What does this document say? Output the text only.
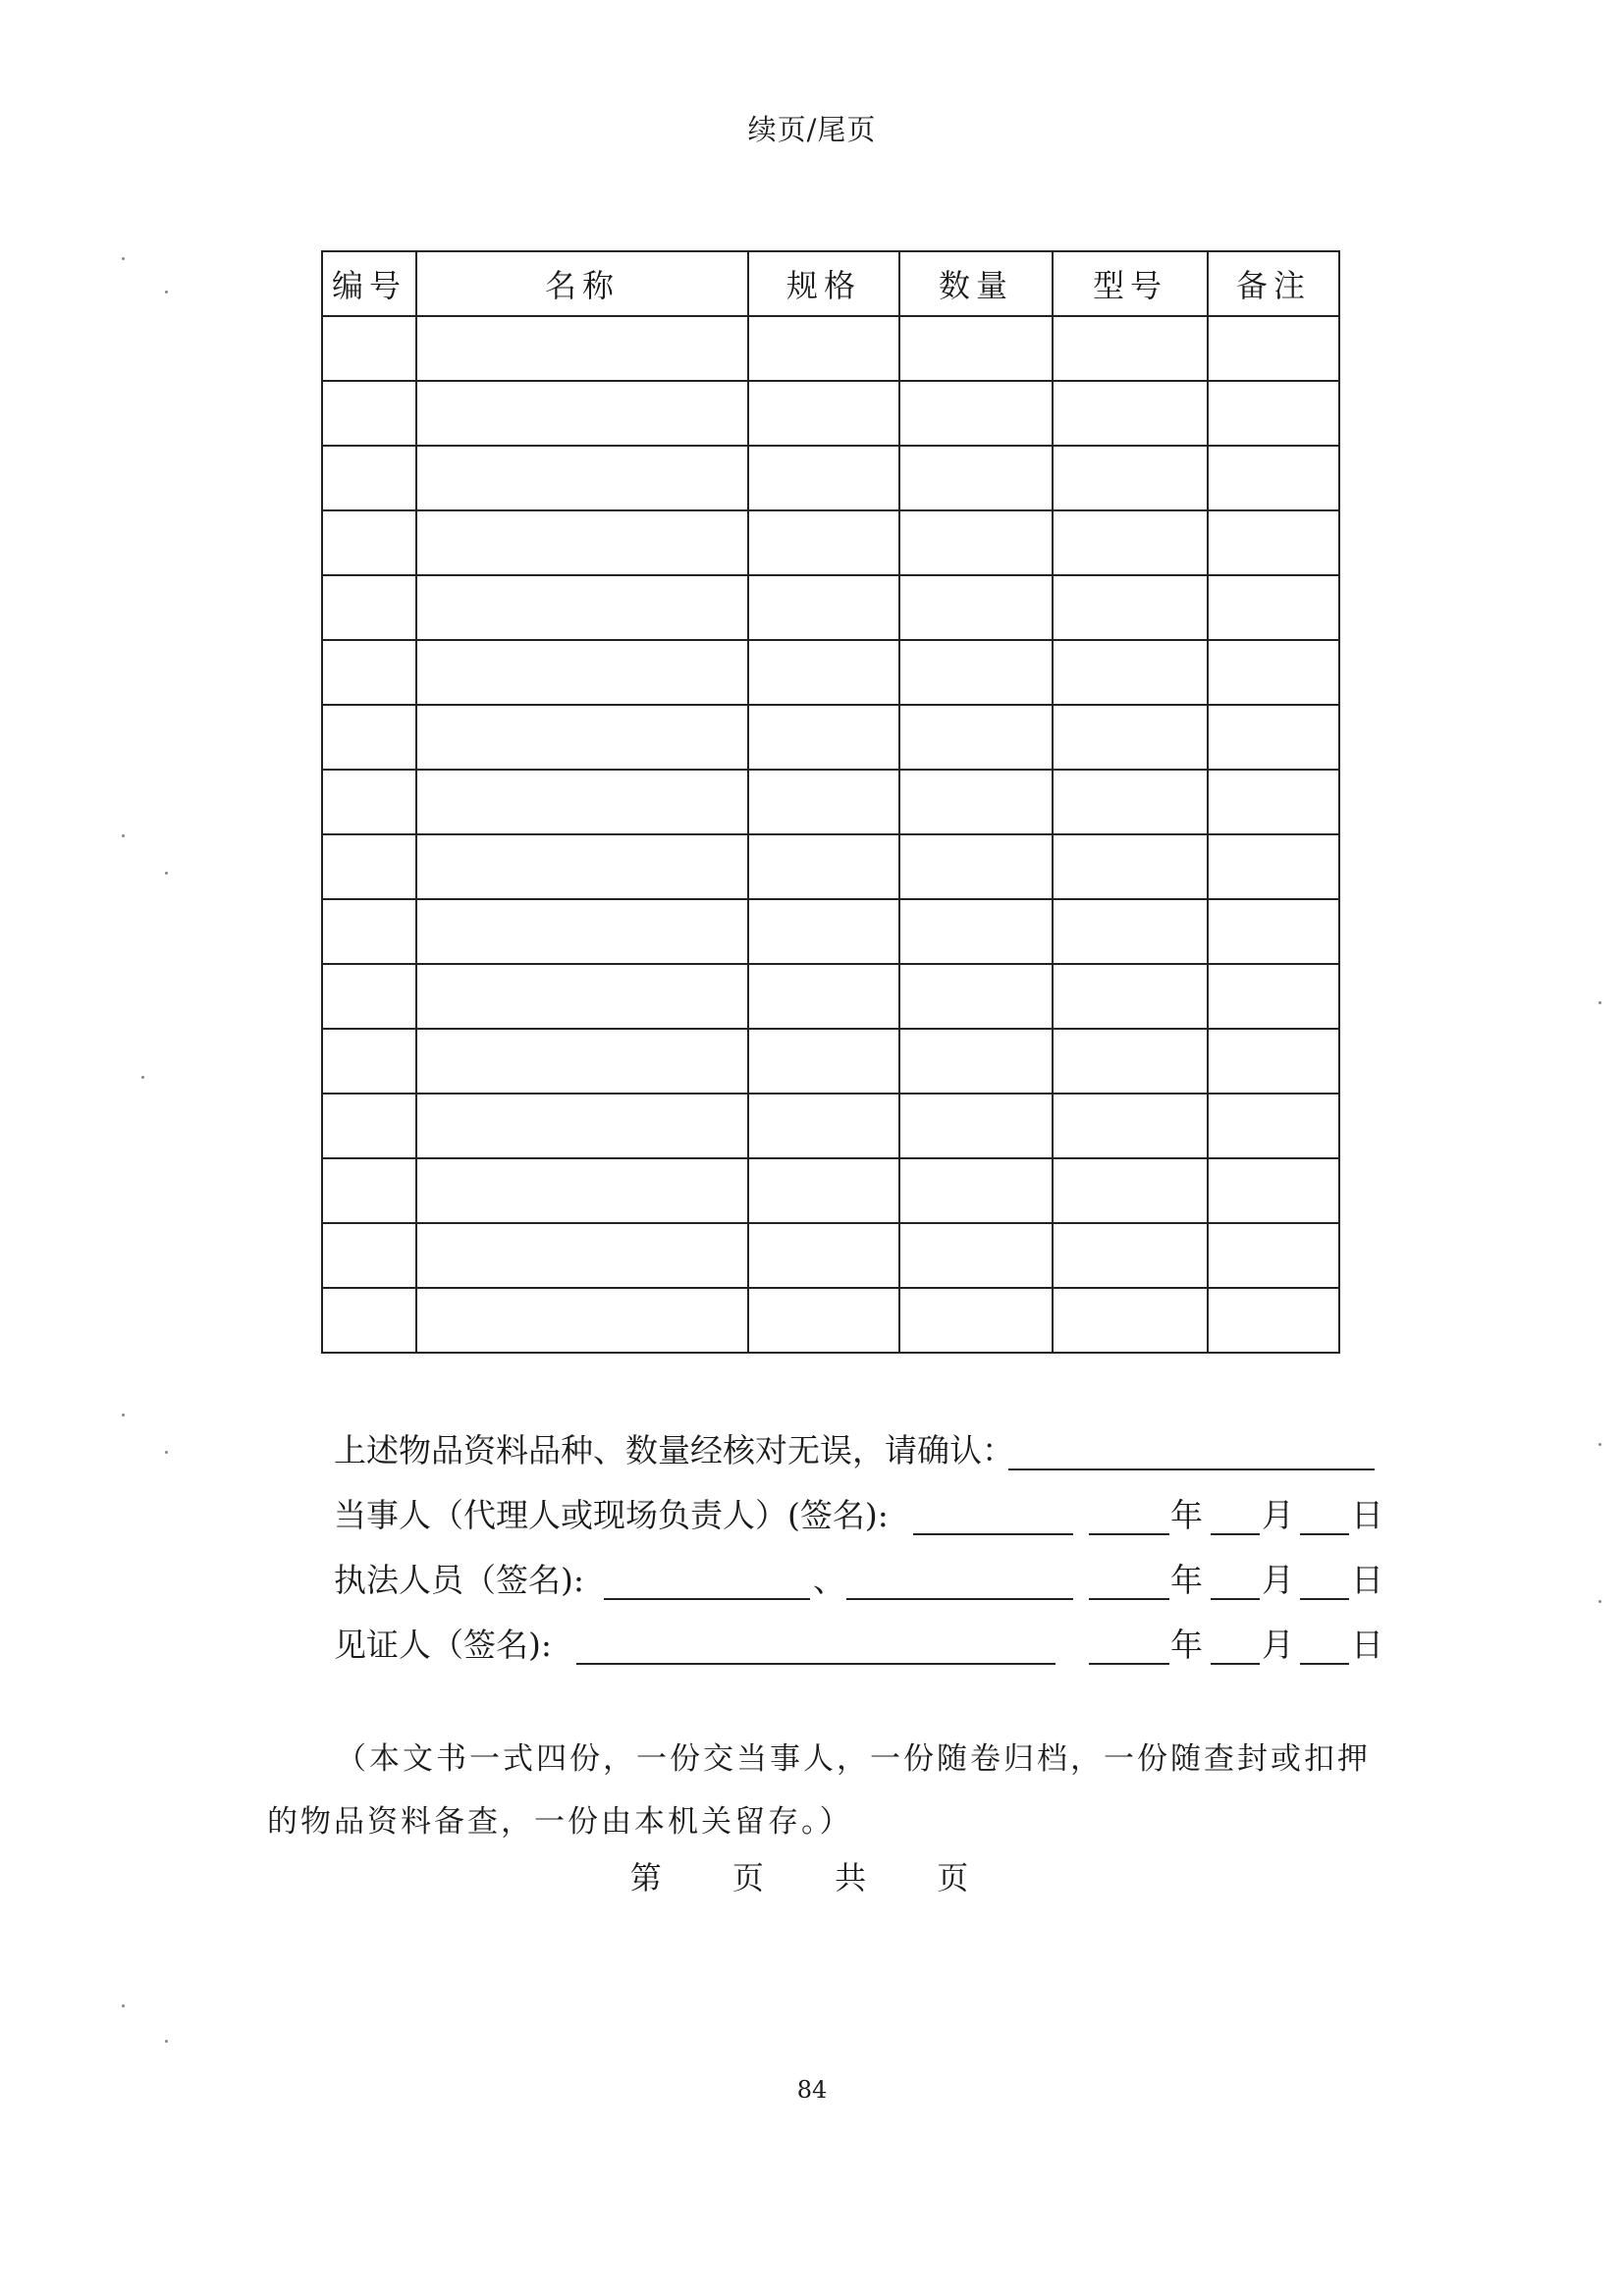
续页/尾页
编号	名称	规格	数量	型号	备注

上述物品资料品种、数量经核对无误，请确认：
当事人（代理人或现场负责人）(签名):	年 月 日
执法人员（签名):	、	年 月 日
见证人（签名):	年 月 日
（本文书一式四份，一份交当事人，一份随卷归档，一份随查封或扣押的物品资料备查，一份由本机关留存。）
第 页 共 页
84
